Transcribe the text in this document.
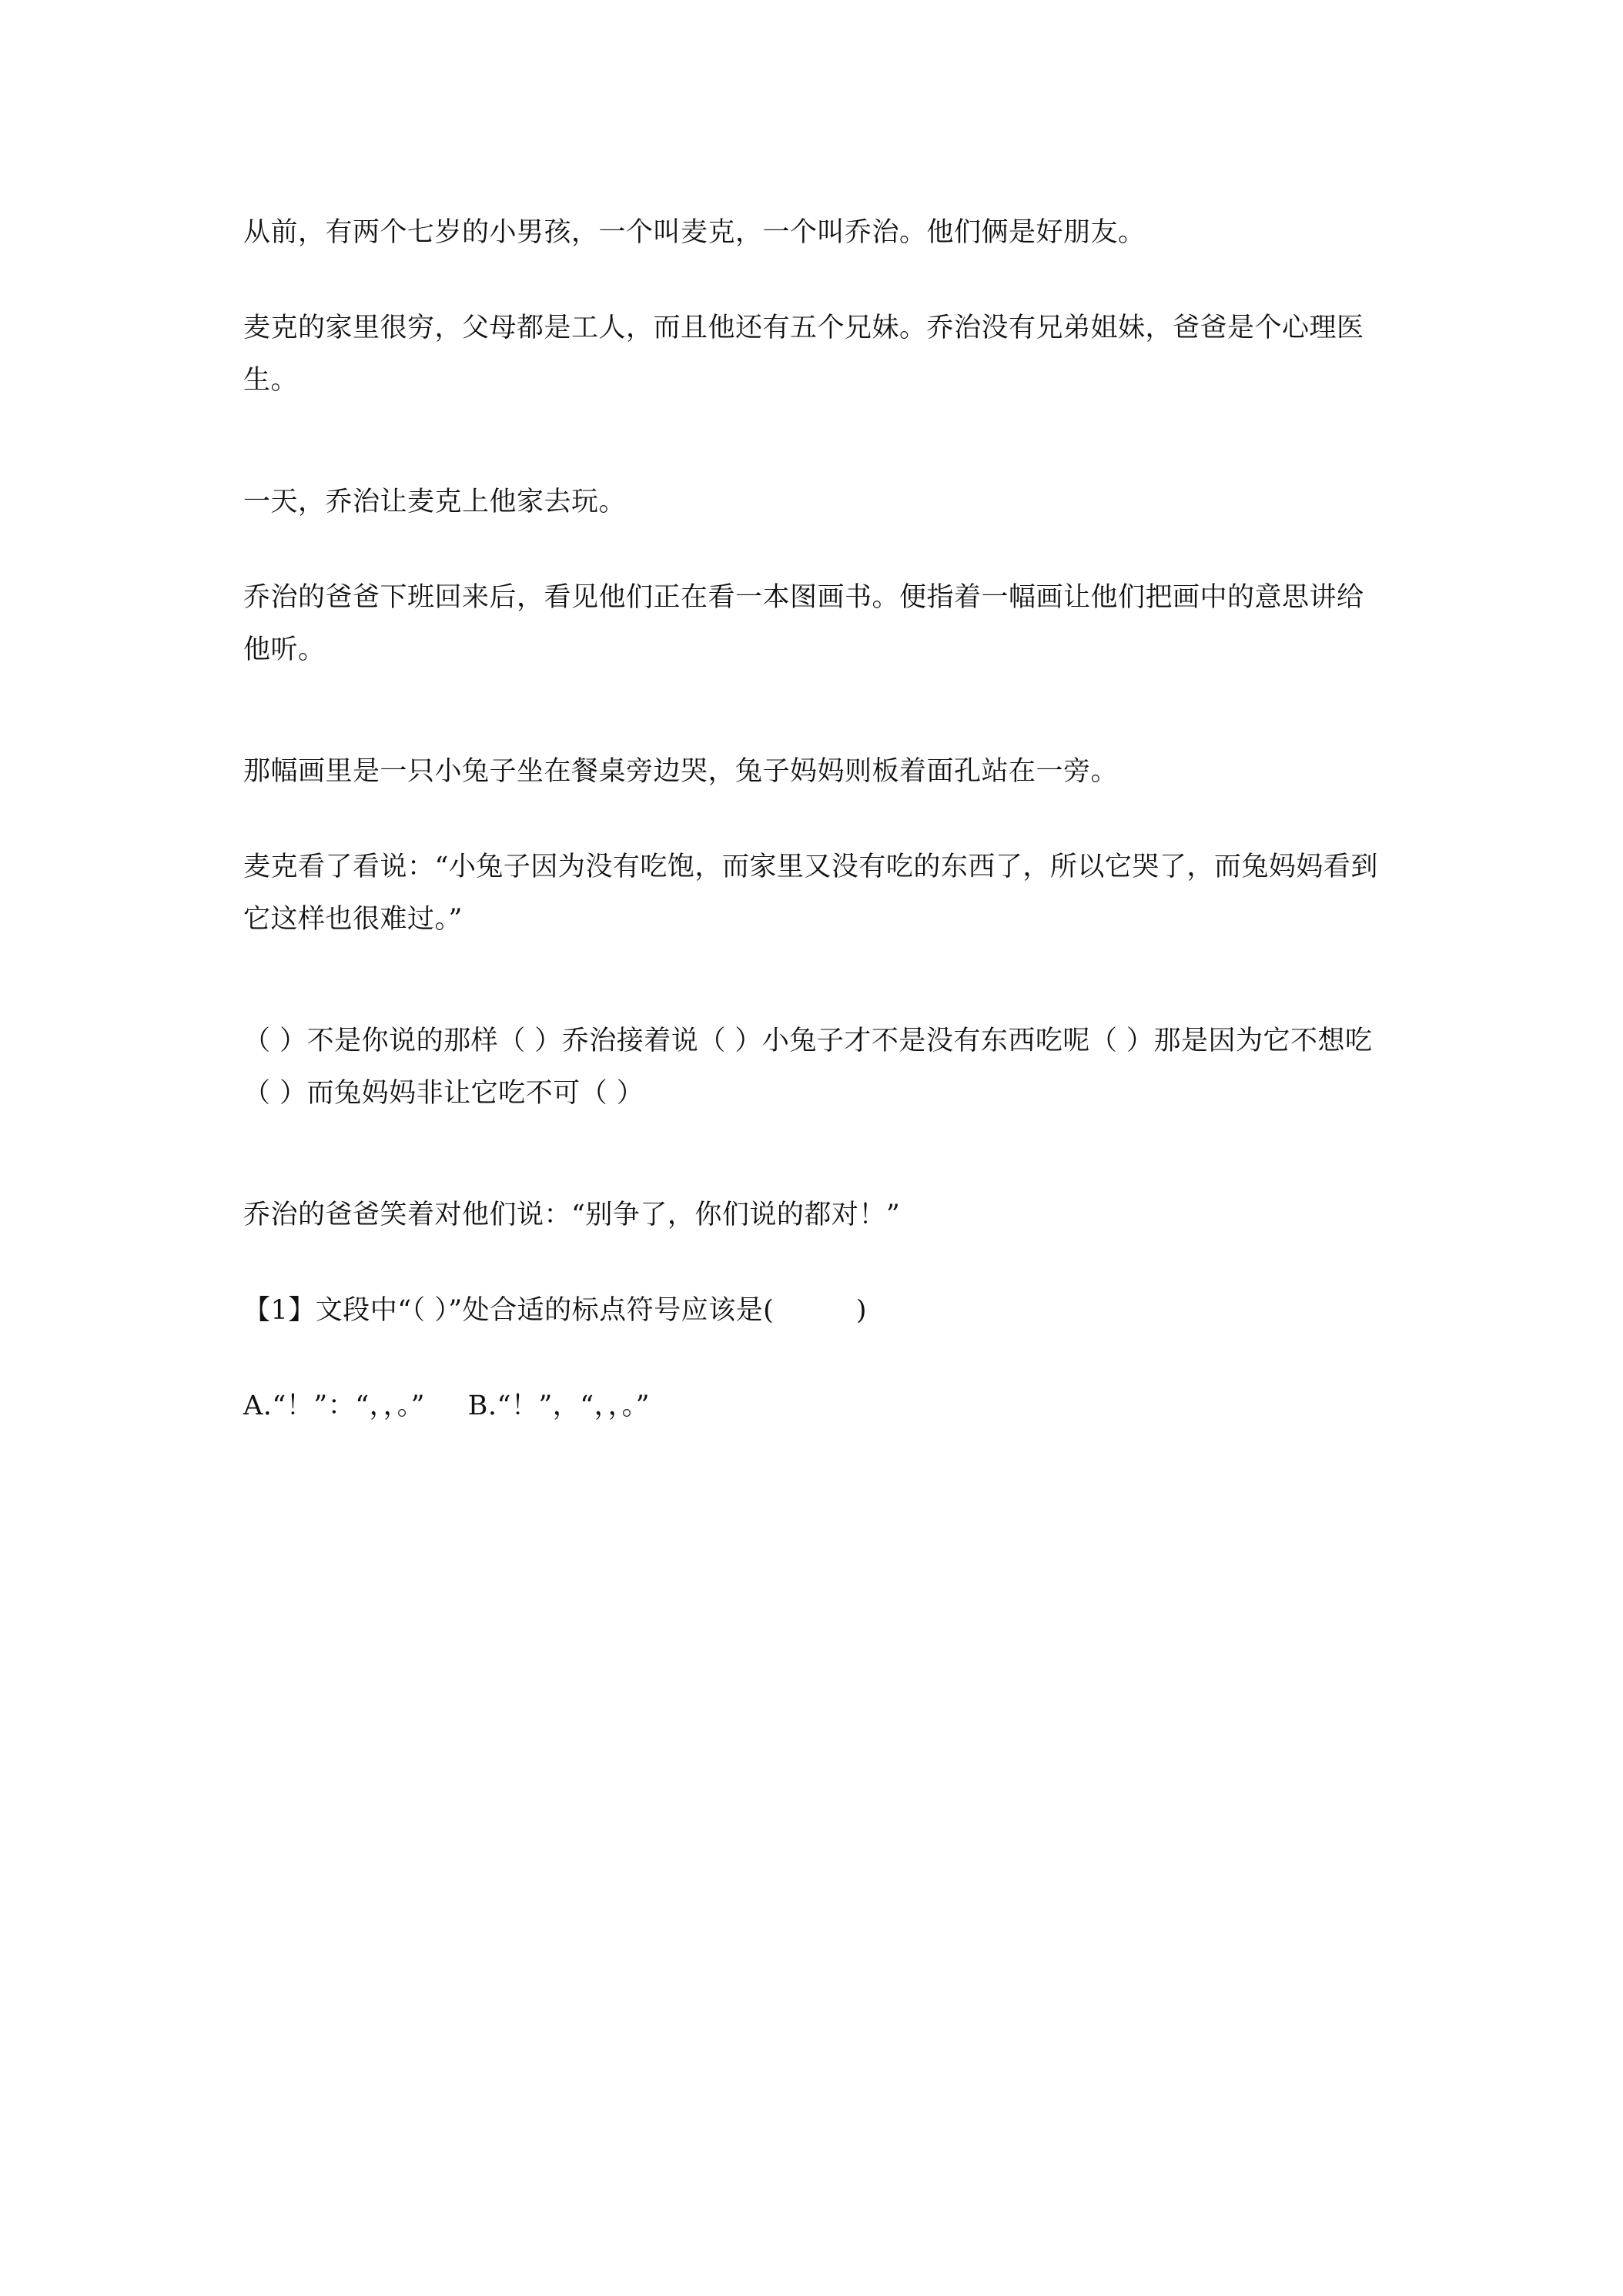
从前，有两个七岁的小男孩，一个叫麦克，一个叫乔治。他们俩是好朋友。

麦克的家里很穷，父母都是工人，而且他还有五个兄妹。乔治没有兄弟姐妹，爸爸是个心理医生。

一天，乔治让麦克上他家去玩。

乔治的爸爸下班回来后，看见他们正在看一本图画书。便指着一幅画让他们把画中的意思讲给他听。

那幅画里是一只小兔子坐在餐桌旁边哭，兔子妈妈则板着面孔站在一旁。

麦克看了看说：“小兔子因为没有吃饱，而家里又没有吃的东西了，所以它哭了，而兔妈妈看到它这样也很难过。”

（ ）不是你说的那样（ ）乔治接着说（ ）小兔子才不是没有东西吃呢（ ）那是因为它不想吃（ ）而兔妈妈非让它吃不可（ ）

乔治的爸爸笑着对他们说：“别争了，你们说的都对！”

【1】文段中“（ ）”处合适的标点符号应该是(　　　)

A.“！”：“，，。” B.“！”，“，，。”
